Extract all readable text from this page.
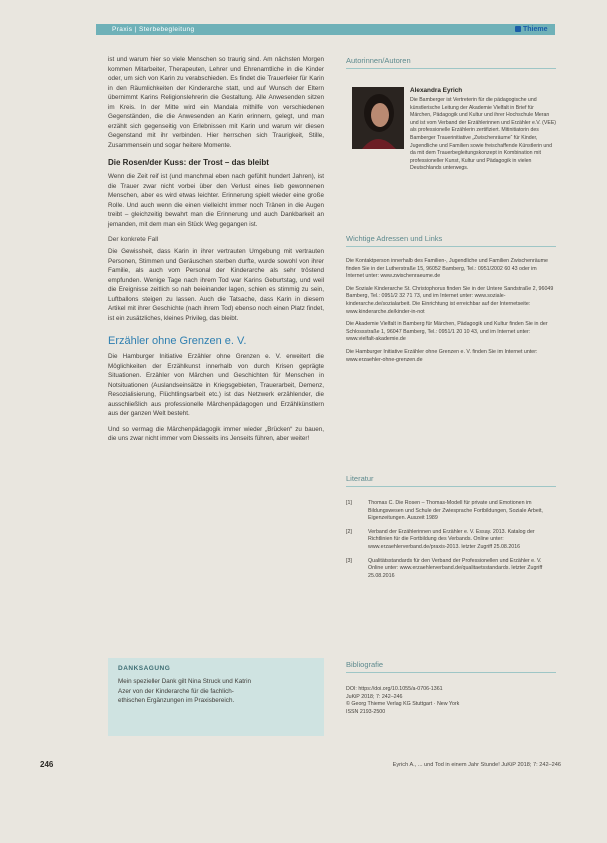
Praxis | Sterbebegleitung	Thieme

ist und warum hier so viele Menschen so traurig sind. Am nächsten Morgen kommen Mitarbeiter, Therapeuten, Lehrer und Ehrenamtliche in die Kinder oder, um sich von Karin zu verabschieden. Es findet die Trauerfeier für Karin in den Räumlichkeiten der Kinderarche statt, und auf Wunsch der Eltern übernimmt Karins Religionslehrerin die Gestaltung. Alle Anwesenden sitzen im Kreis. In der Mitte wird ein Mandala mithilfe von verschiedenen Gegenständen, die die Anwesenden an Karin erinnern, gelegt, und man erzählt sich gegenseitig von Erlebnissen mit Karin und warum wir diesen Gegenstand mit ihr verbinden. Hier herrschen sich Traurigkeit, Stille, Zusammensein und sogar heitere Momente.

Die Rosen/der Kuss: der Trost – das bleibt

Wenn die Zeit reif ist (und manchmal eben nach gefühlt hundert Jahren), ist die Trauer zwar nicht vorbei über den Verlust eines lieb gewonnenen Menschen, aber es wird etwas leichter. Erinnerung spielt wieder eine große Rolle. Und auch wenn die einen vielleicht immer noch Tränen in die Augen treibt – gleichzeitig bewahrt man die Erinnerung und auch Dankbarkeit an jemanden, mit dem man ein Stück Weg gegangen ist.

Der konkrete Fall

Die Gewissheit, dass Karin in ihrer vertrauten Umgebung mit vertrauten Personen, Stimmen und Geräuschen sterben durfte, wurde sowohl von ihrer Familie, als auch vom Personal der Kinderarche als sehr tröstend empfunden. Wenige Tage nach ihrem Tod war Karins Geburtstag, und weil die Ereignisse zeitlich so nah beieinander lagen, schien es stimmig zu sein, Luftballons steigen zu lassen. Auch die Tatsache, dass Karin in diesem Artikel mit ihrer Geschichte (nach ihrem Tod) ebenso noch einen Platz findet, ist ein zusätzliches, kleines Privileg, das bleibt.

Erzähler ohne Grenzen e. V.

Die Hamburger Initiative Erzähler ohne Grenzen e. V. erweitert die Möglichkeiten der Erzählkunst innerhalb von durch Krisen geprägte Situationen. Erzähler von Märchen und Geschichten für Menschen in Notsituationen (Auslandseinsätze in Kriegsgebieten, Trauerarbeit, Demenz, Resozialisierung, Flüchtlingsarbeit etc.) ist das Netzwerk erzählender, die ausschließlich aus professionelle Märchenpädagogen und Erzählkünstlern aus der ganzen Welt besteht.

Und so vermag die Märchenpädagogik immer wieder „Brücken“ zu bauen, die uns zwar nicht immer vom Diesseits ins Jenseits führen, aber weiter!

DANKSAGUNG
Mein spezieller Dank gilt Nina Struck und Katrin Azer von der Kinderarche für die fachlich-ethischen Ergänzungen im Praxisbereich.
246	Eyrich A., ... und Tod in einem Jahr Stunde! JuKiP 2018; 7: 242–246
Autorinnen/Autoren
Alexandra Eyrich
Die Bamberger ist Vertreterin für die pädagogische und künstlerische Leitung der Akademie Vielfalt in Brief für Märchen, Pädagogik und Kultur und ihrer Hochschule Meran und ist vom Verband der Erzählerinnen und Erzähler e.V. (VEE) als professionelle Erzählerin zertifiziert. Mitinitiatorin des Bamberger Trauerinitiative „Zwischenräume“ für Kinder, Jugendliche und Familien sowie freischaffende Künstlerin und da mit dem Trauerbegleitungskonzept in Kombination mit professioneller Kunst, Kultur und Pädagogik in vielen Deutschlands unterwegs.
Wichtige Adressen und Links
Die Kontaktperson innerhalb des Familien-, Jugendliche und Familien Zwischenräume finden Sie in der Lutherstraße 15, 96052 Bamberg, Tel.: 0951/2002 60 43 oder im Internet unter: www.zwischenraeume.de
Die Soziale Kinderarche St. Christophorus finden Sie in der Untere Sandstraße 2, 96049 Bamberg, Tel.: 0951/2 32 71 73, und im Internet unter: www.soziale-kinderarche.de/sozialarbeit. Die Einrichtung ist erreichbar auf der Internetseite: www.kinderarche.de/kinder-in-not
Die Akademie Vielfalt in Bamberg für Märchen, Pädagogik und Kultur finden Sie in der Schlossstraße 1, 96047 Bamberg, Tel.: 0951/1 20 10 43, und im Internet unter: www.vielfalt-akademie.de
Die Hamburger Initiative Erzähler ohne Grenzen e. V. finden Sie im Internet unter: www.erzaehler-ohne-grenzen.de
Literatur
[1]	Thomas C. Die Rosen – Thomas-Modell für private und Emotionen im Bildungswesen und Schule der Zwiesprache Fortbildungen, Soziale Arbeit, Eigenzeitungen. Auszeit 1989
[2]	Verband der Erzählerinnen und Erzähler e. V. Essay. 2013. Katalog der Richtlinien für die Fortbildung des Verbands. Online unter: www.erzaehlerverband.de/praxis-2013. letzter Zugriff 25.08.2016
[3]	Qualitätsstandards für den Verband der Professionellen und Erzähler e. V. Online unter: www.erzaehlerverband.de/qualitaetsstandards. letzter Zugriff 25.08.2016
Bibliografie
DOI: https://doi.org/10.1055/a-0706-1361
JuKiP 2018; 7: 242–246
© Georg Thieme Verlag KG Stuttgart · New York
ISSN 2193-2500
